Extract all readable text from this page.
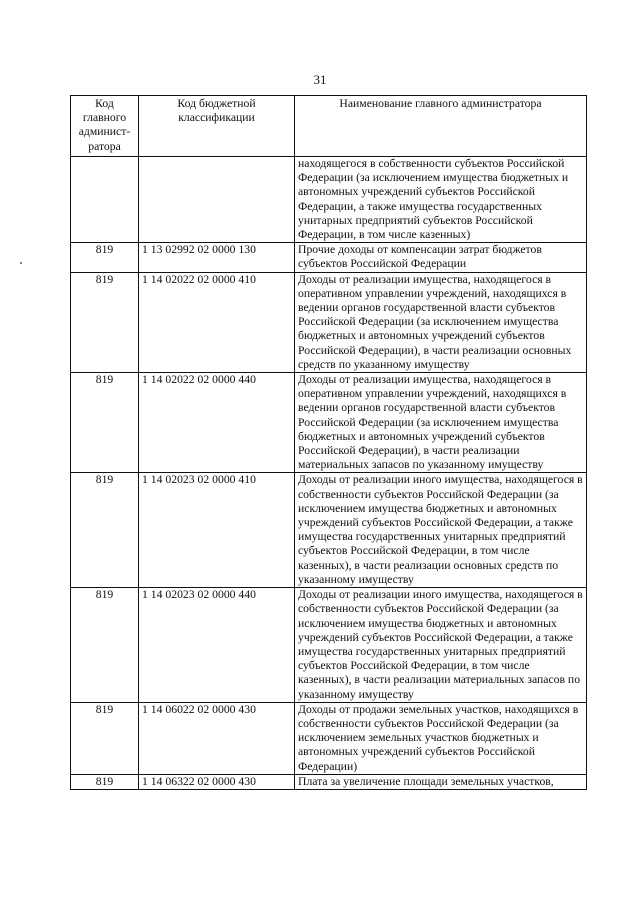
31
Код главного админист-ратора	Код бюджетной классификации	Наименование главного администратора
		находящегося в собственности субъектов Российской Федерации (за исключением имущества бюджетных и автономных учреждений субъектов Российской Федерации, а также имущества государственных унитарных предприятий субъектов Российской Федерации, в том числе казенных)
819	1 13 02992 02 0000 130	Прочие доходы от компенсации затрат бюджетов субъектов Российской Федерации
819	1 14 02022 02 0000 410	Доходы от реализации имущества, находящегося в оперативном управлении учреждений, находящихся в ведении органов государственной власти субъектов Российской Федерации (за исключением имущества бюджетных и автономных учреждений субъектов Российской Федерации), в части реализации основных средств по указанному имуществу
819	1 14 02022 02 0000 440	Доходы от реализации имущества, находящегося в оперативном управлении учреждений, находящихся в ведении органов государственной власти субъектов Российской Федерации (за исключением имущества бюджетных и автономных учреждений субъектов Российской Федерации), в части реализации материальных запасов по указанному имуществу
819	1 14 02023 02 0000 410	Доходы от реализации иного имущества, находящегося в собственности субъектов Российской Федерации (за исключением имущества бюджетных и автономных учреждений субъектов Российской Федерации, а также имущества государственных унитарных предприятий субъектов Российской Федерации, в том числе казенных), в части реализации основных средств по указанному имуществу
819	1 14 02023 02 0000 440	Доходы от реализации иного имущества, находящегося в собственности субъектов Российской Федерации (за исключением имущества бюджетных и автономных учреждений субъектов Российской Федерации, а также имущества государственных унитарных предприятий субъектов Российской Федерации, в том числе казенных), в части реализации материальных запасов по указанному имуществу
819	1 14 06022 02 0000 430	Доходы от продажи земельных участков, находящихся в собственности субъектов Российской Федерации (за исключением земельных участков бюджетных и автономных учреждений субъектов Российской Федерации)
819	1 14 06322 02 0000 430	Плата за увеличение площади земельных участков,
